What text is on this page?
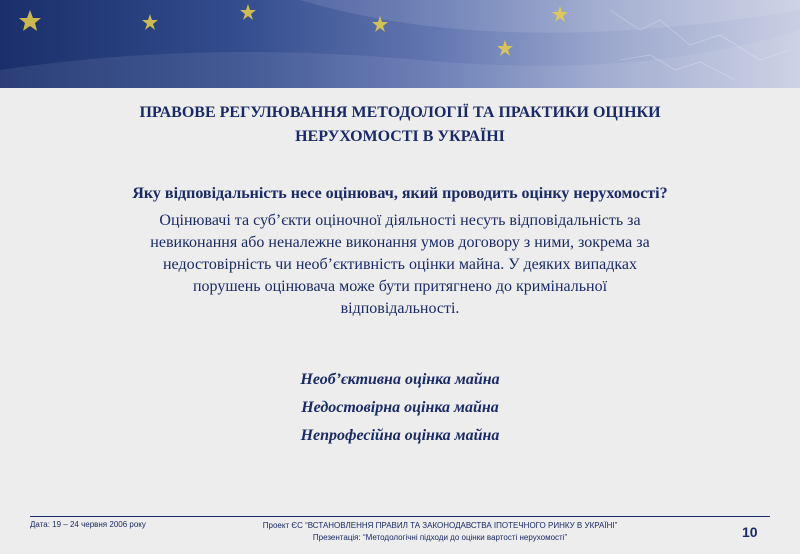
ПРАВОВЕ РЕГУЛЮВАННЯ МЕТОДОЛОГІЇ ТА ПРАКТИКИ ОЦІНКИ
НЕРУХОМОСТІ В УКРАЇНІ
Яку відповідальність несе оцінювач, який проводить оцінку нерухомості?
Оцінювачі та суб’єкти оціночної діяльності несуть відповідальність за
невиконання або неналежне виконання умов договору з ними, зокрема за
недостовірність чи необ’єктивність оцінки майна. У деяких випадках
порушень оцінювача може бути притягнено до кримінальної
відповідальності.
Необ’єктивна оцінка майна
Недостовірна оцінка майна
Непрофесійна оцінка майна
Дата: 19 – 24 червня 2006 року	Проект ЄС “ВСТАНОВЛЕННЯ ПРАВИЛ ТА ЗАКОНОДАВСТВА ІПОТЕЧНОГО РИНКУ В УКРАЇНІ”
Презентація: “Методологічні підходи до оцінки вартості нерухомості”	10
